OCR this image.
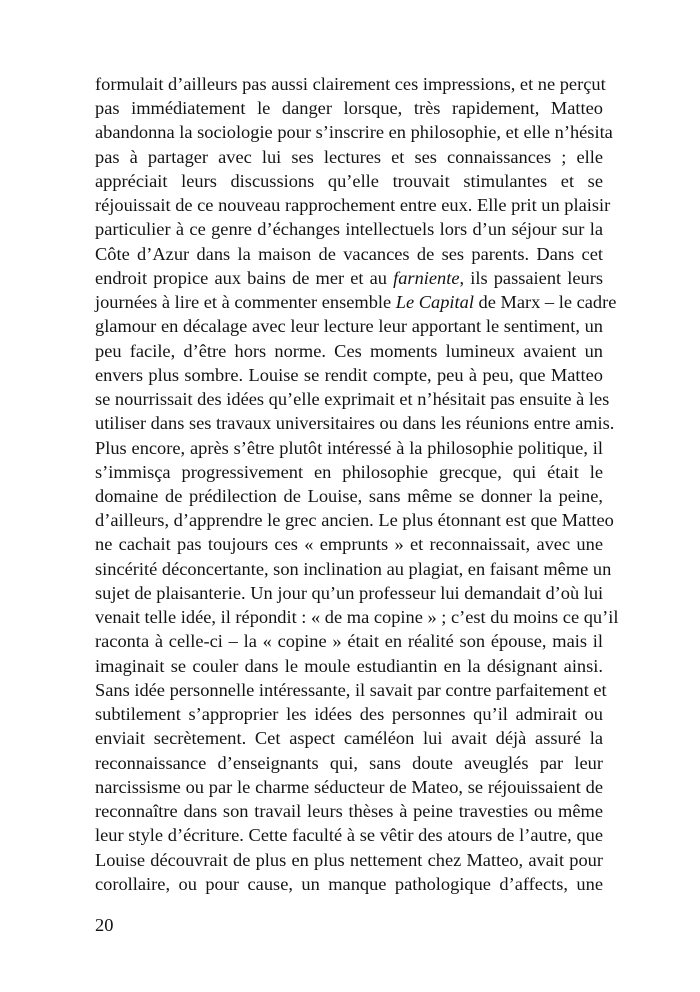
formulait d’ailleurs pas aussi clairement ces impressions, et ne perçut
pas immédiatement le danger lorsque, très rapidement, Matteo
abandonna la sociologie pour s’inscrire en philosophie, et elle n’hésita
pas à partager avec lui ses lectures et ses connaissances ; elle
appréciait leurs discussions qu’elle trouvait stimulantes et se
réjouissait de ce nouveau rapprochement entre eux. Elle prit un plaisir
particulier à ce genre d’échanges intellectuels lors d’un séjour sur la
Côte d’Azur dans la maison de vacances de ses parents. Dans cet
endroit propice aux bains de mer et au farniente, ils passaient leurs
journées à lire et à commenter ensemble Le Capital de Marx – le cadre
glamour en décalage avec leur lecture leur apportant le sentiment, un
peu facile, d’être hors norme. Ces moments lumineux avaient un
envers plus sombre. Louise se rendit compte, peu à peu, que Matteo
se nourrissait des idées qu’elle exprimait et n’hésitait pas ensuite à les
utiliser dans ses travaux universitaires ou dans les réunions entre amis.
Plus encore, après s’être plutôt intéressé à la philosophie politique, il
s’immisça progressivement en philosophie grecque, qui était le
domaine de prédilection de Louise, sans même se donner la peine,
d’ailleurs, d’apprendre le grec ancien. Le plus étonnant est que Matteo
ne cachait pas toujours ces « emprunts » et reconnaissait, avec une
sincérité déconcertante, son inclination au plagiat, en faisant même un
sujet de plaisanterie. Un jour qu’un professeur lui demandait d’où lui
venait telle idée, il répondit : « de ma copine » ; c’est du moins ce qu’il
raconta à celle-ci – la « copine » était en réalité son épouse, mais il
imaginait se couler dans le moule estudiantin en la désignant ainsi.
Sans idée personnelle intéressante, il savait par contre parfaitement et
subtilement s’approprier les idées des personnes qu’il admirait ou
enviait secrètement. Cet aspect caméléon lui avait déjà assuré la
reconnaissance d’enseignants qui, sans doute aveuglés par leur
narcissisme ou par le charme séducteur de Mateo, se réjouissaient de
reconnaître dans son travail leurs thèses à peine travesties ou même
leur style d’écriture. Cette faculté à se vêtir des atours de l’autre, que
Louise découvrait de plus en plus nettement chez Matteo, avait pour
corollaire, ou pour cause, un manque pathologique d’affects, une
20
